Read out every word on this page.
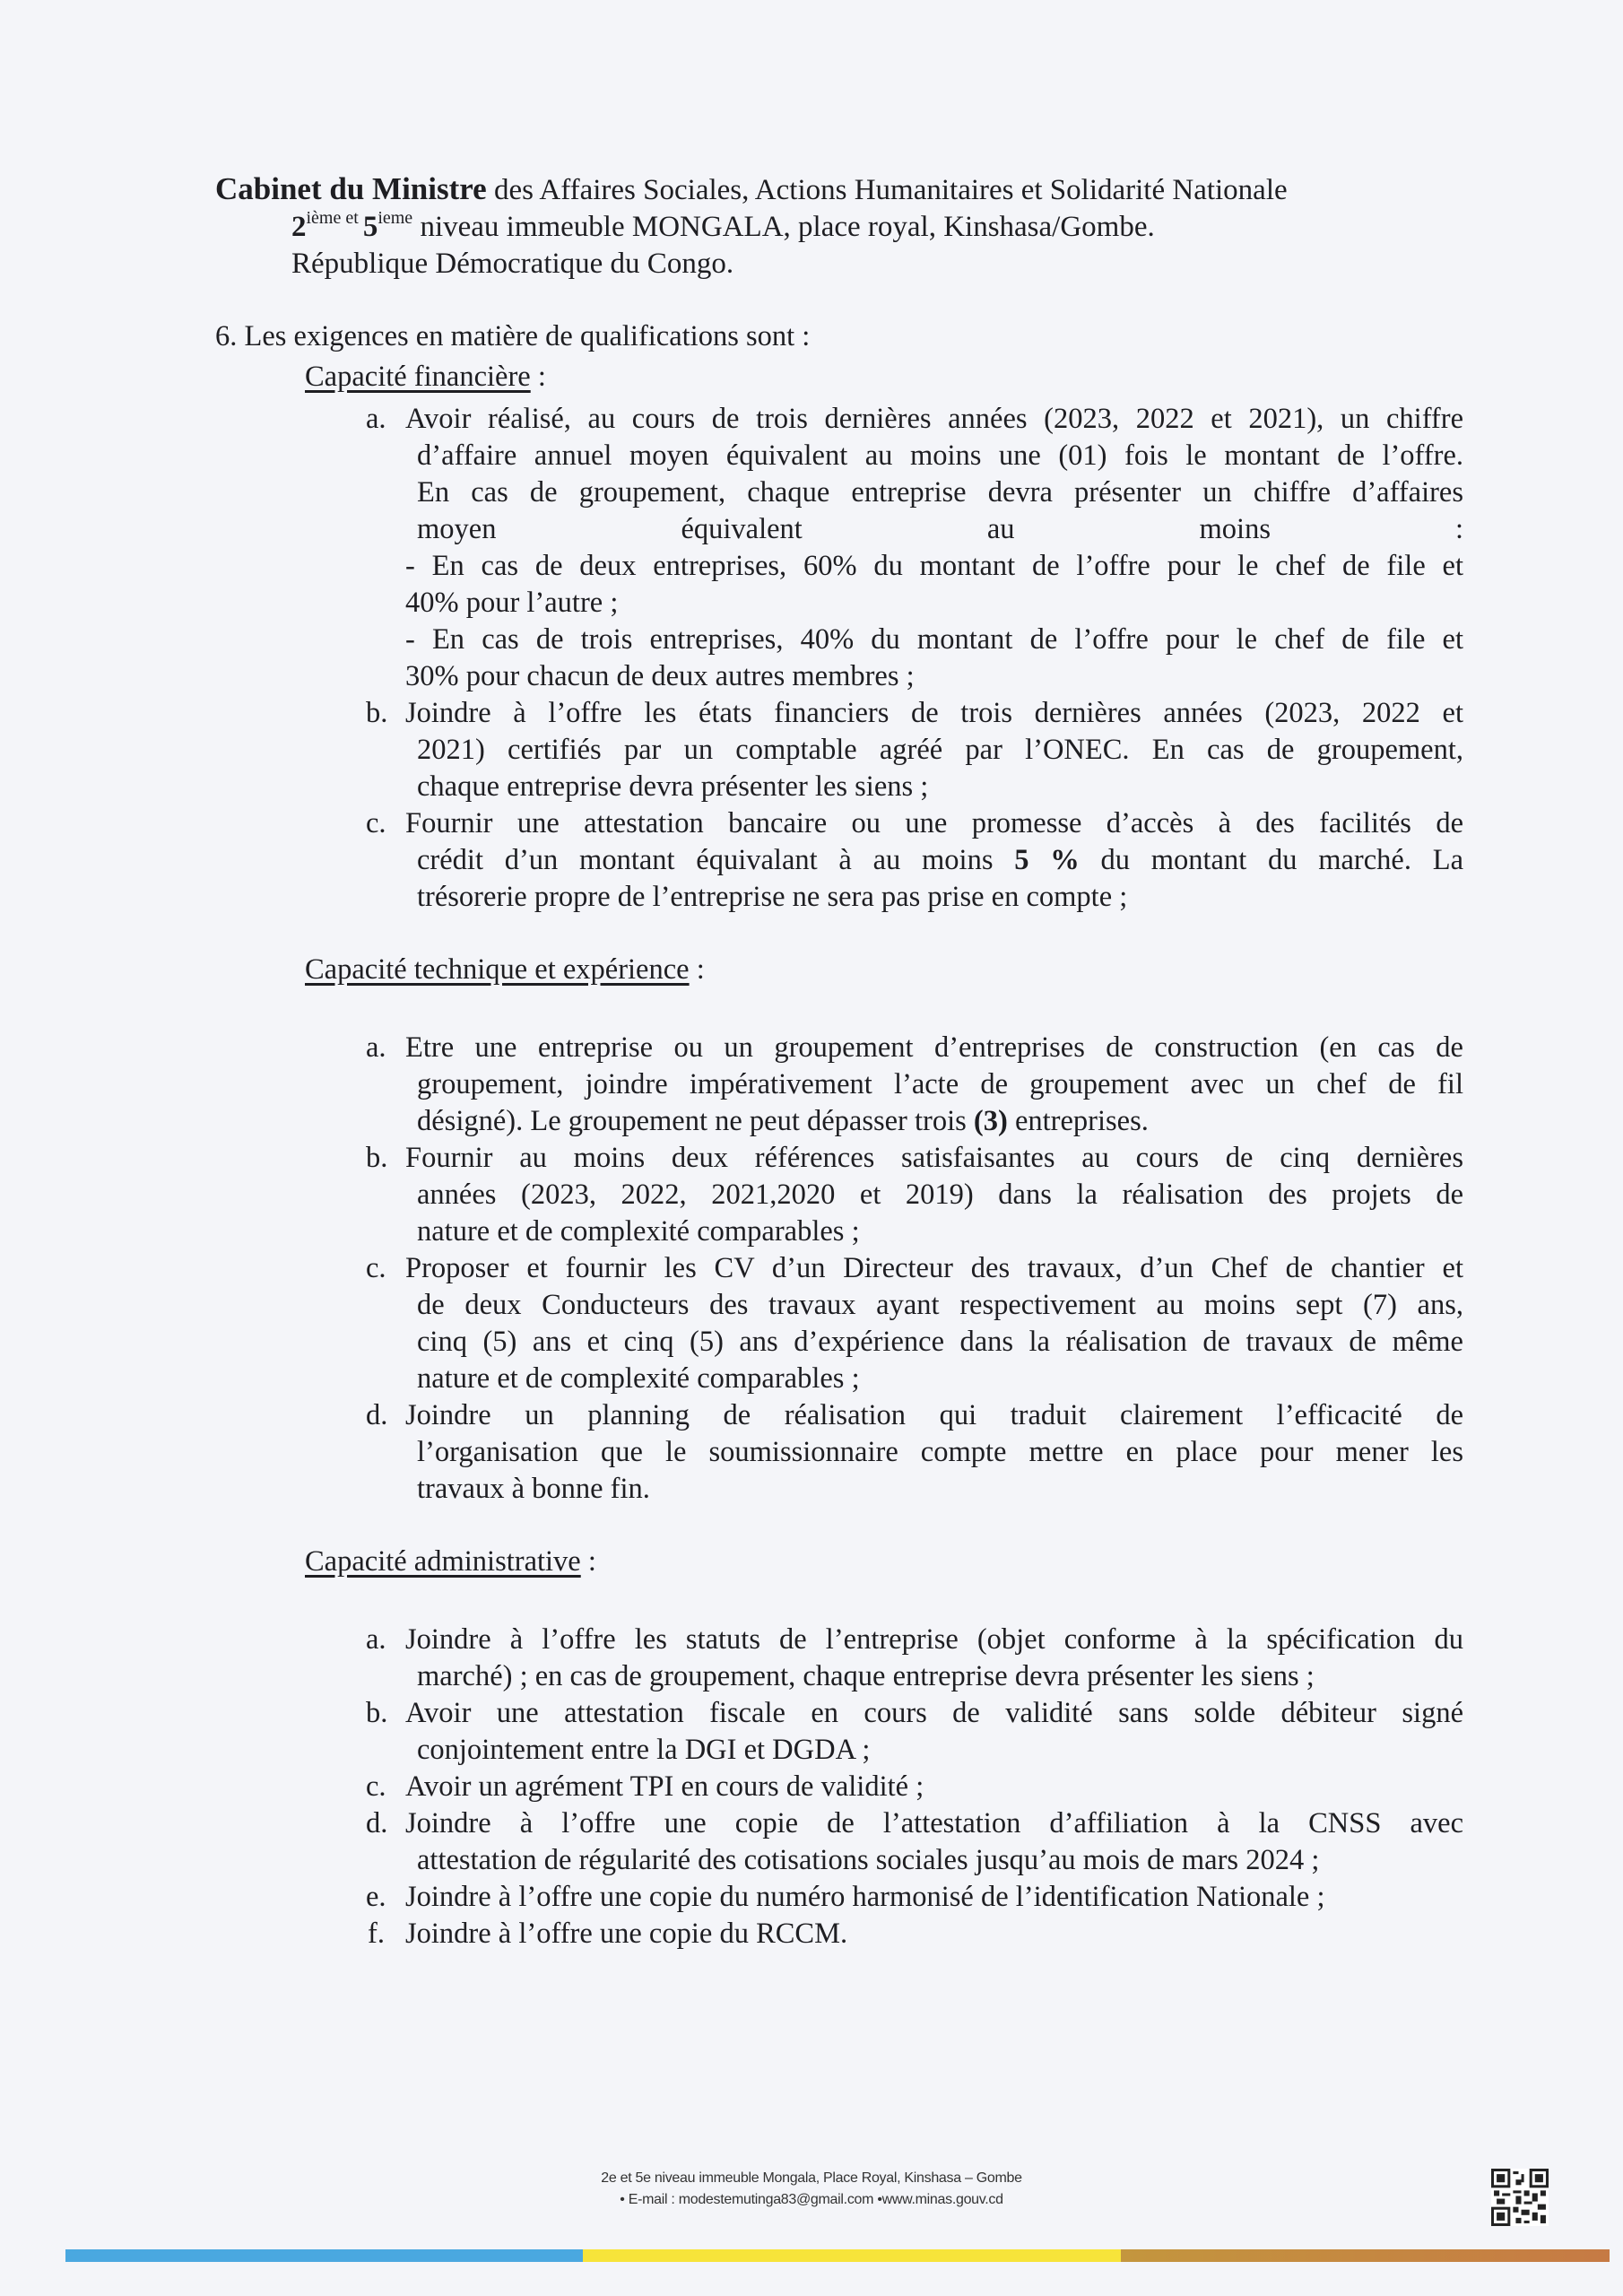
Cabinet du Ministre des Affaires Sociales, Actions Humanitaires et Solidarité Nationale
$2^{ième et}$ 5ieme niveau immeuble MONGALA, place royal, Kinshasa/Gombe.
République Démocratique du Congo.
6. Les exigences en matière de qualifications sont :
Capacité financière :
a. Avoir réalisé, au cours de trois dernières années (2023, 2022 et 2021), un chiffre
d’affaire annuel moyen équivalent au moins une (01) fois le montant de l’offre.
En cas de groupement, chaque entreprise devra présenter un chiffre d’affaires
moyen équivalent au moins :
- En cas de deux entreprises, 60% du montant de l’offre pour le chef de file et
40% pour l’autre ;
- En cas de trois entreprises, 40% du montant de l’offre pour le chef de file et
30% pour chacun de deux autres membres ;
b. Joindre à l’offre les états financiers de trois dernières années (2023, 2022 et
2021) certifiés par un comptable agréé par l’ONEC. En cas de groupement,
chaque entreprise devra présenter les siens ;
c. Fournir une attestation bancaire ou une promesse d’accès à des facilités de
crédit d’un montant équivalant à au moins 5 % du montant du marché. La
trésorerie propre de l’entreprise ne sera pas prise en compte ;
Capacité technique et expérience :
a. Etre une entreprise ou un groupement d’entreprises de construction (en cas de
groupement, joindre impérativement l’acte de groupement avec un chef de fil
désigné). Le groupement ne peut dépasser trois (3) entreprises.
b. Fournir au moins deux références satisfaisantes au cours de cinq dernières
années (2023, 2022, 2021,2020 et 2019) dans la réalisation des projets de
nature et de complexité comparables ;
c. Proposer et fournir les CV d’un Directeur des travaux, d’un Chef de chantier et
de deux Conducteurs des travaux ayant respectivement au moins sept (7) ans,
cinq (5) ans et cinq (5) ans d’expérience dans la réalisation de travaux de même
nature et de complexité comparables ;
d. Joindre un planning de réalisation qui traduit clairement l’efficacité de
l’organisation que le soumissionnaire compte mettre en place pour mener les
travaux à bonne fin.
Capacité administrative :
a. Joindre à l’offre les statuts de l’entreprise (objet conforme à la spécification du
marché) ; en cas de groupement, chaque entreprise devra présenter les siens ;
b. Avoir une attestation fiscale en cours de validité sans solde débiteur signé
conjointement entre la DGI et DGDA ;
c. Avoir un agrément TPI en cours de validité ;
d. Joindre à l’offre une copie de l’attestation d’affiliation à la CNSS avec
attestation de régularité des cotisations sociales jusqu’au mois de mars 2024 ;
e. Joindre à l’offre une copie du numéro harmonisé de l’identification Nationale ;
f. Joindre à l’offre une copie du RCCM.
2e et 5e niveau immeuble Mongala, Place Royal, Kinshasa – Gombe
• E-mail : modestemutinga83@gmail.com •www.minas.gouv.cd
